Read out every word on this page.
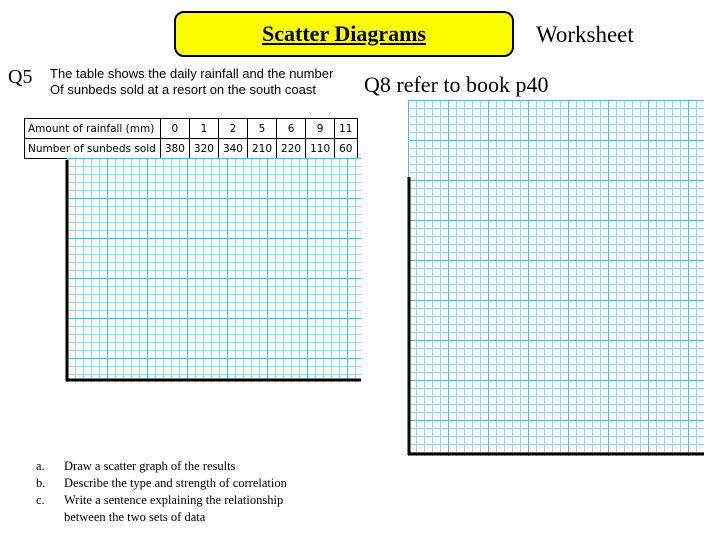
Scatter Diagrams	Worksheet
Q5 The table shows the daily rainfall and the number
Of sunbeds sold at a resort on the south coast	Q8 refer to book p40
Amount of rainfall (mm)	0	1	2	5	6	9	11
Number of sunbeds sold	380	320	340	210	220	110	60
a. Draw a scatter graph of the results
b. Describe the type and strength of correlation
c. Write a sentence explaining the relationship
between the two sets of data
